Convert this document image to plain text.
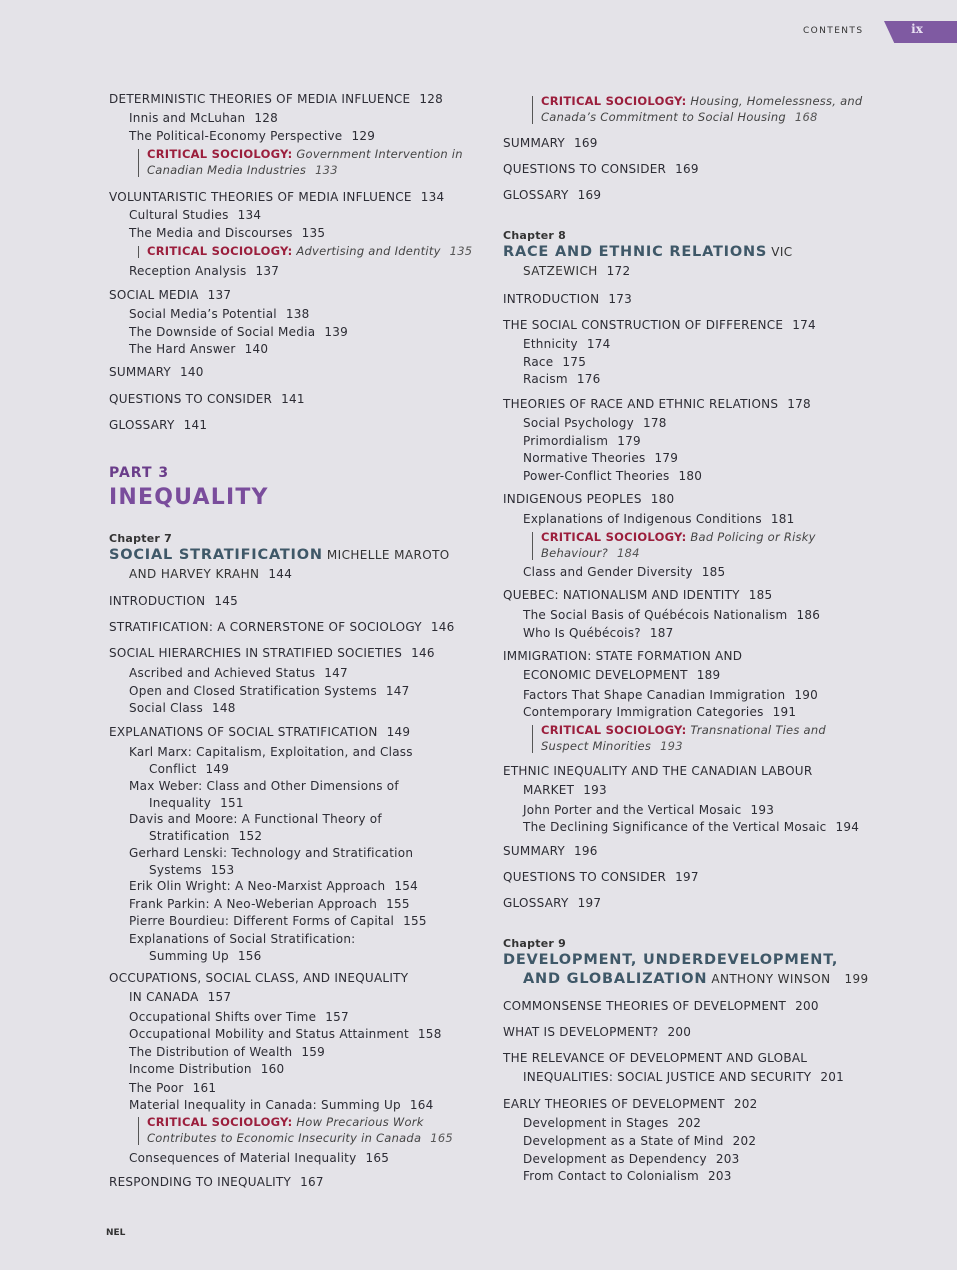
CONTENTS	ix
DETERMINISTIC THEORIES OF MEDIA INFLUENCE 128
Innis and McLuhan 128
The Political-Economy Perspective 129
CRITICAL SOCIOLOGY: Government Intervention in
Canadian Media Industries 133
VOLUNTARISTIC THEORIES OF MEDIA INFLUENCE 134
Cultural Studies 134
The Media and Discourses 135
CRITICAL SOCIOLOGY: Advertising and Identity 135
Reception Analysis 137
SOCIAL MEDIA 137
Social Media’s Potential 138
The Downside of Social Media 139
The Hard Answer 140
SUMMARY 140
QUESTIONS TO CONSIDER 141
GLOSSARY 141
PART 3
INEQUALITY
Chapter 7
SOCIAL STRATIFICATION MICHELLE MAROTO
AND HARVEY KRAHN 144
INTRODUCTION 145
STRATIFICATION: A CORNERSTONE OF SOCIOLOGY 146
SOCIAL HIERARCHIES IN STRATIFIED SOCIETIES 146
Ascribed and Achieved Status 147
Open and Closed Stratification Systems 147
Social Class 148
EXPLANATIONS OF SOCIAL STRATIFICATION 149
Karl Marx: Capitalism, Exploitation, and Class
Conflict 149
Max Weber: Class and Other Dimensions of
Inequality 151
Davis and Moore: A Functional Theory of
Stratification 152
Gerhard Lenski: Technology and Stratification
Systems 153
Erik Olin Wright: A Neo-Marxist Approach 154
Frank Parkin: A Neo-Weberian Approach 155
Pierre Bourdieu: Different Forms of Capital 155
Explanations of Social Stratification:
Summing Up 156
OCCUPATIONS, SOCIAL CLASS, AND INEQUALITY
IN CANADA 157
Occupational Shifts over Time 157
Occupational Mobility and Status Attainment 158
The Distribution of Wealth 159
Income Distribution 160
The Poor 161
Material Inequality in Canada: Summing Up 164
CRITICAL SOCIOLOGY: How Precarious Work
Contributes to Economic Insecurity in Canada 165
Consequences of Material Inequality 165
RESPONDING TO INEQUALITY 167
CRITICAL SOCIOLOGY: Housing, Homelessness, and
Canada’s Commitment to Social Housing 168
SUMMARY 169
QUESTIONS TO CONSIDER 169
GLOSSARY 169
Chapter 8
RACE AND ETHNIC RELATIONS VIC
SATZEWICH 172
INTRODUCTION 173
THE SOCIAL CONSTRUCTION OF DIFFERENCE 174
Ethnicity 174
Race 175
Racism 176
THEORIES OF RACE AND ETHNIC RELATIONS 178
Social Psychology 178
Primordialism 179
Normative Theories 179
Power-Conflict Theories 180
INDIGENOUS PEOPLES 180
Explanations of Indigenous Conditions 181
CRITICAL SOCIOLOGY: Bad Policing or Risky
Behaviour? 184
Class and Gender Diversity 185
QUEBEC: NATIONALISM AND IDENTITY 185
The Social Basis of Québécois Nationalism 186
Who Is Québécois? 187
IMMIGRATION: STATE FORMATION AND
ECONOMIC DEVELOPMENT 189
Factors That Shape Canadian Immigration 190
Contemporary Immigration Categories 191
CRITICAL SOCIOLOGY: Transnational Ties and
Suspect Minorities 193
ETHNIC INEQUALITY AND THE CANADIAN LABOUR
MARKET 193
John Porter and the Vertical Mosaic 193
The Declining Significance of the Vertical Mosaic 194
SUMMARY 196
QUESTIONS TO CONSIDER 197
GLOSSARY 197
Chapter 9
DEVELOPMENT, UNDERDEVELOPMENT,
AND GLOBALIZATION ANTHONY WINSON 199
COMMONSENSE THEORIES OF DEVELOPMENT 200
WHAT IS DEVELOPMENT? 200
THE RELEVANCE OF DEVELOPMENT AND GLOBAL
INEQUALITIES: SOCIAL JUSTICE AND SECURITY 201
EARLY THEORIES OF DEVELOPMENT 202
Development in Stages 202
Development as a State of Mind 202
Development as Dependency 203
From Contact to Colonialism 203
NEL
